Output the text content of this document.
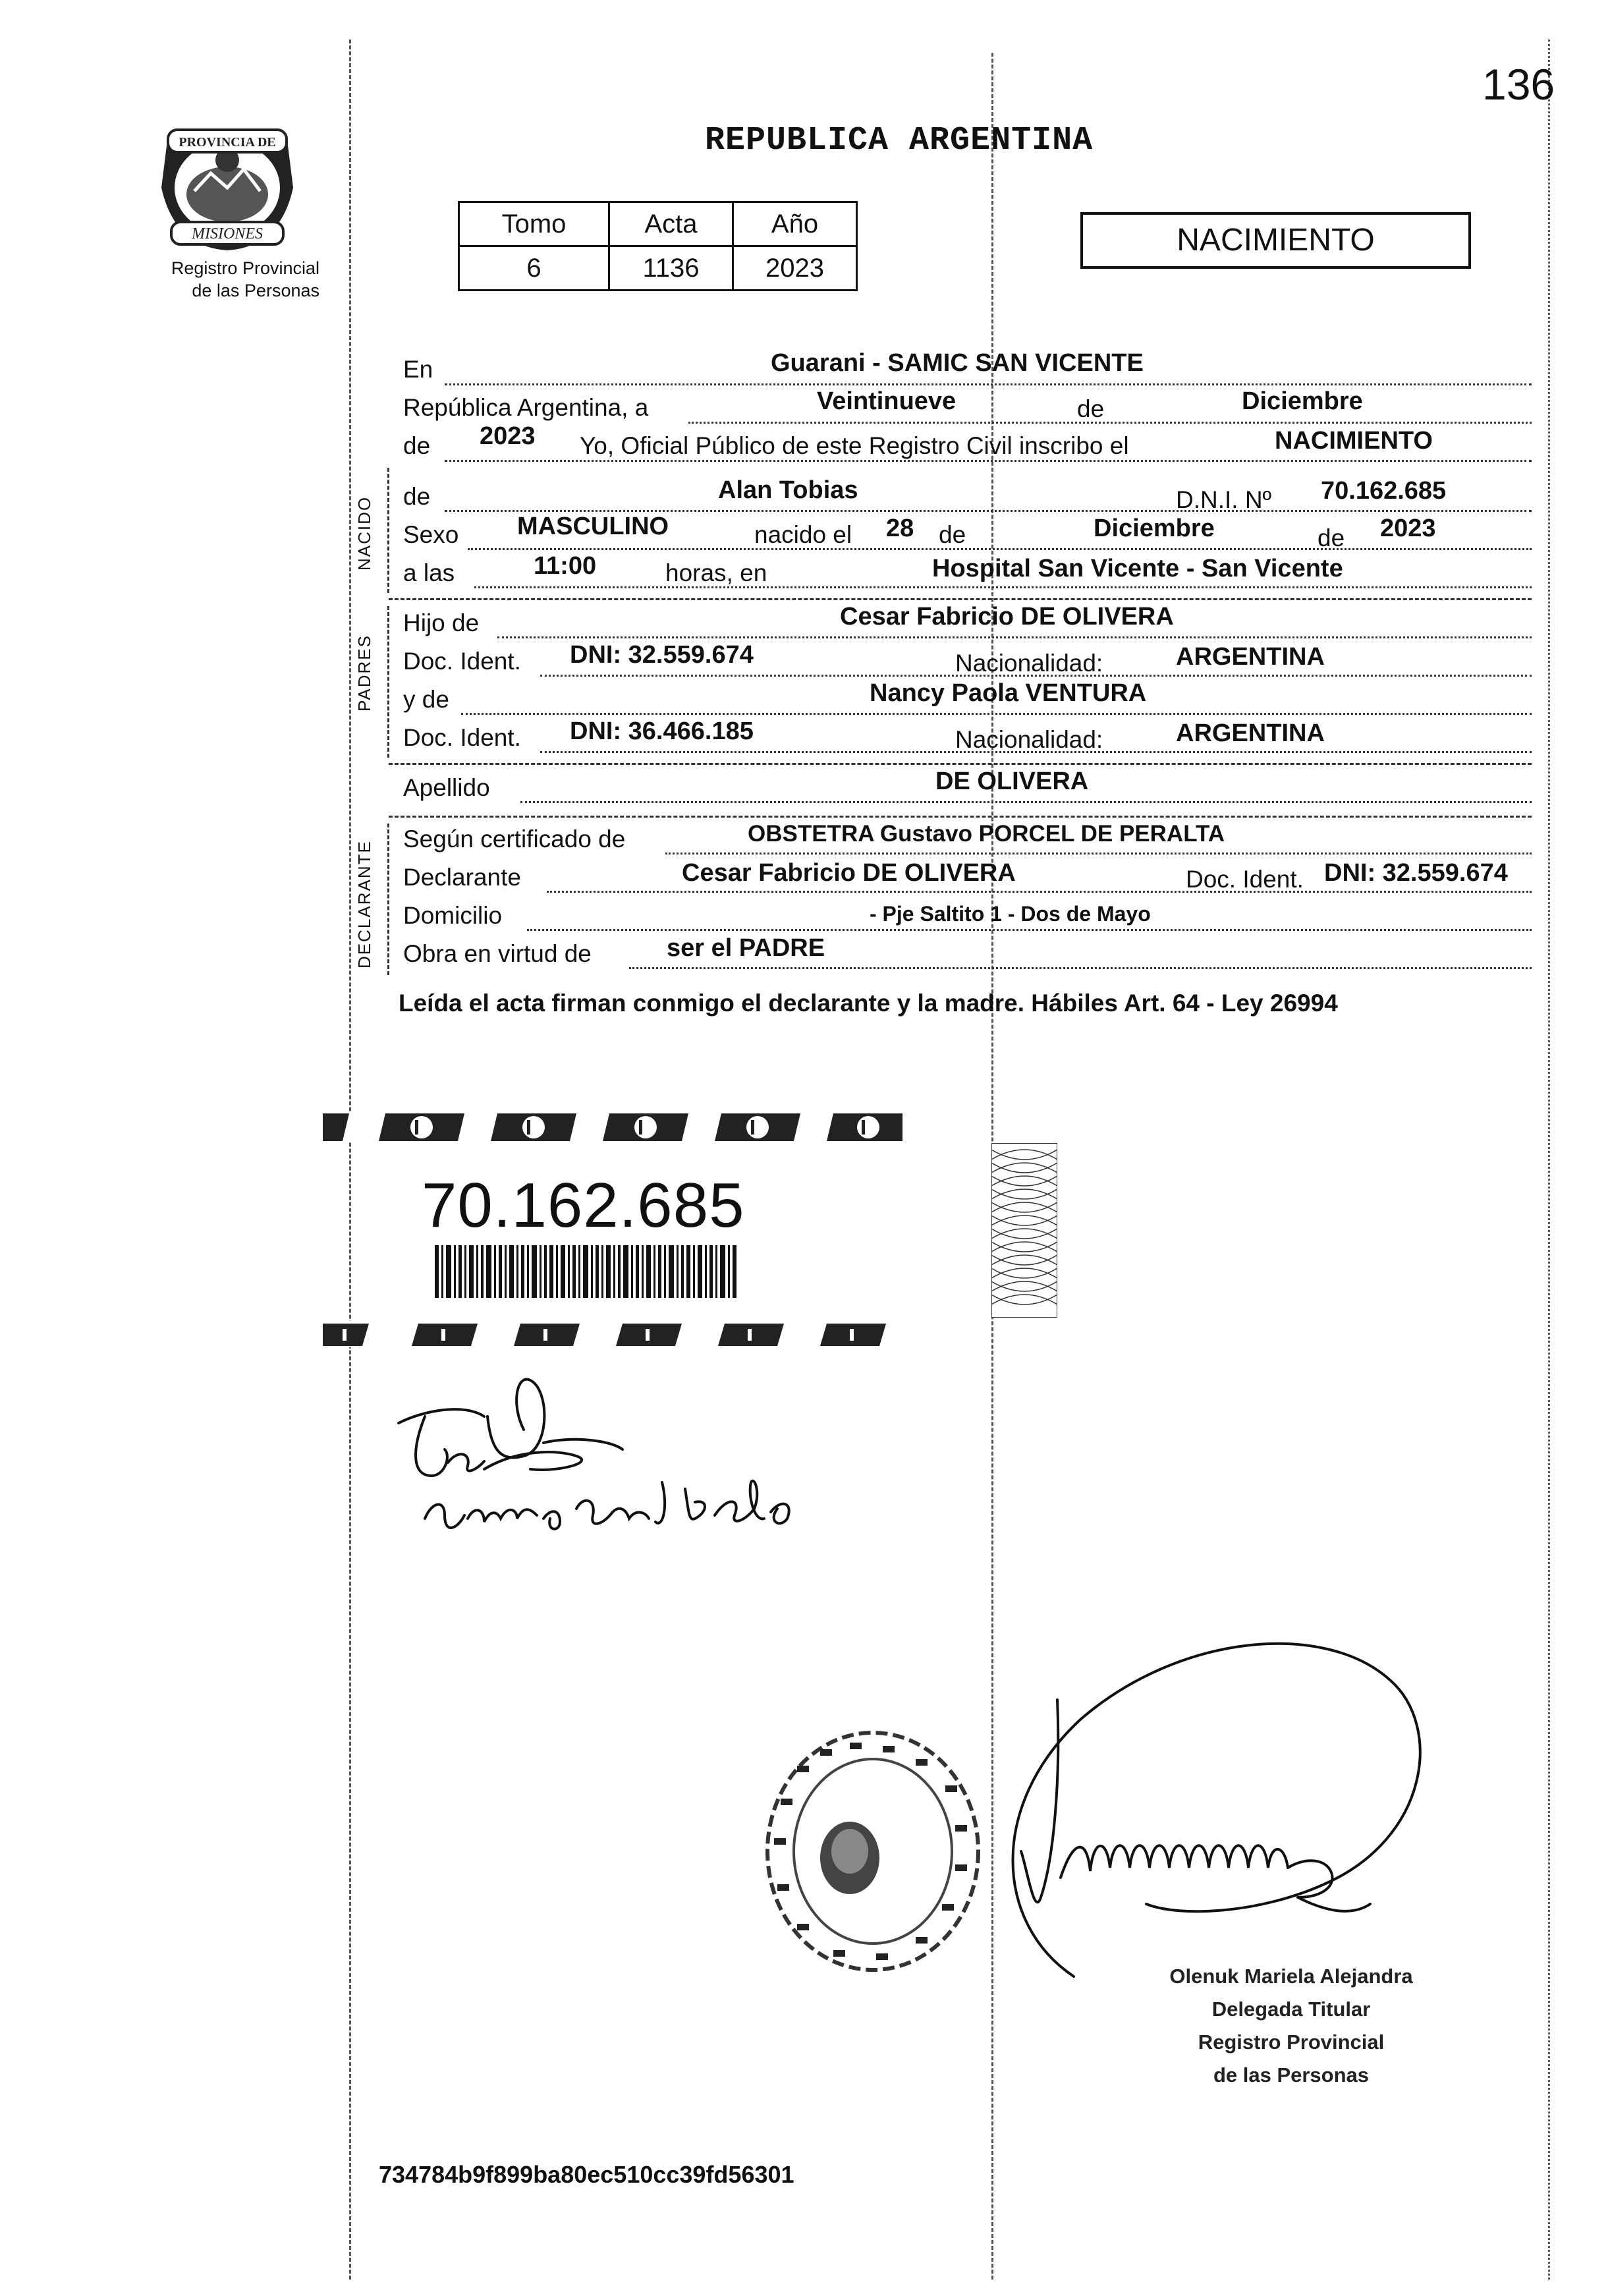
136
REPUBLICA ARGENTINA
PROVINCIA DE
MISIONES
Registro Provincial
de las Personas
Tomo	Acta	Año
6	1136	2023
NACIMIENTO
NACIDO
PADRES
DECLARANTE
En	Guarani - SAMIC SAN VICENTE
República Argentina, a	Veintinueve	de	Diciembre
de 2023 Yo, Oficial Público de este Registro Civil inscribo el	NACIMIENTO
de	Alan Tobias	D.N.I. Nº 70.162.685
Sexo MASCULINO	nacido el 28 de	Diciembre	de 2023
a las	11:00	horas, en	Hospital San Vicente - San Vicente
Hijo de	Cesar Fabricio DE OLIVERA
Doc. Ident. DNI: 32.559.674	Nacionalidad:	ARGENTINA
y de	Nancy Paola VENTURA
Doc. Ident. DNI: 36.466.185	Nacionalidad:	ARGENTINA
Apellido	DE OLIVERA
Según certificado de	OBSTETRA Gustavo PORCEL DE PERALTA
Declarante	Cesar Fabricio DE OLIVERA	Doc. Ident. DNI: 32.559.674
Domicilio	- Pje Saltito 1 - Dos de Mayo
Obra en virtud de	ser el PADRE
Leída el acta firman conmigo el declarante y la madre. Hábiles Art. 64 - Ley 26994
70.162.685
Olenuk Mariela Alejandra
Delegada Titular
Registro Provincial
de las Personas
734784b9f899ba80ec510cc39fd56301
